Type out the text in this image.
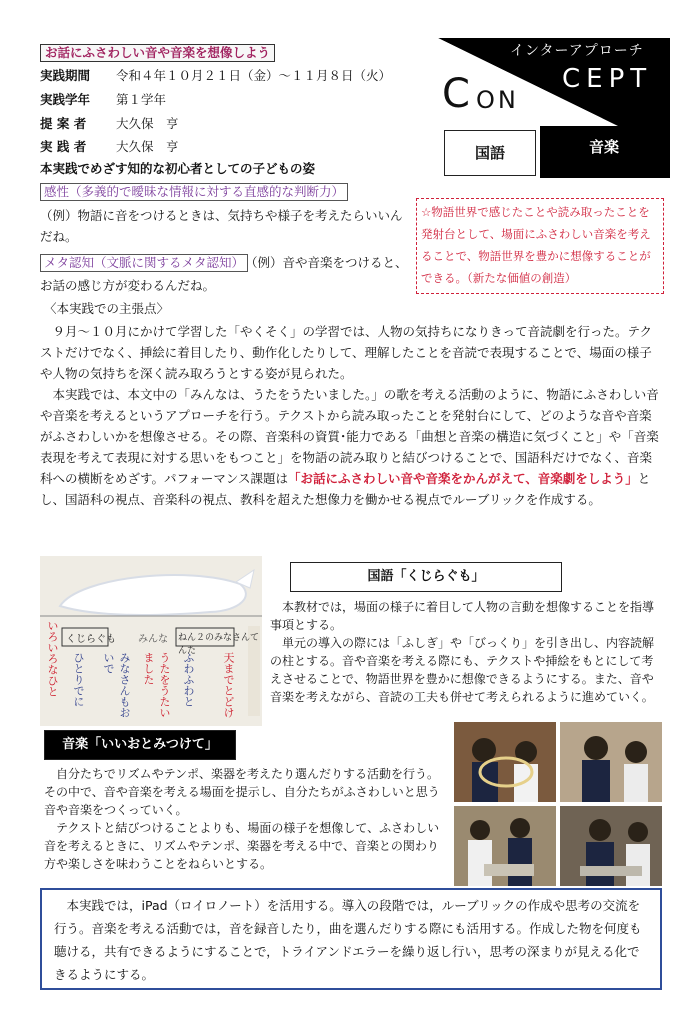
お話にふさわしい音や音楽を想像しよう
実践期間 令和４年１０月２１日（金）〜１１月８日（火）
実践学年 第１学年
提 案 者 大久保　亨
実 践 者 大久保　亨
インターアプローチ
C ON
CEPT
国語	音楽
本実践でめざす知的な初心者としての子どもの姿
感性（多義的で曖昧な情報に対する直感的な判断力）
（例）物語に音をつけるときは、気持ちや様子を考えたらいいんだね。
メタ認知（文脈に関するメタ認知） （例）音や音楽をつけると、
お話の感じ方が変わるんだね。
☆物語世界で感じたことや読み取ったことを発射台として、場面にふさわしい音楽を考えることで、物語世界を豊かに想像することができる。（新たな価値の創造）
〈本実践での主張点〉

９月〜１０月にかけて学習した「やくそく」の学習では、人物の気持ちになりきって音読劇を行った。テクストだけでなく、挿絵に着目したり、動作化したりして、理解したことを音読で表現することで、場面の様子や人物の気持ちを深く読み取ろうとする姿が見られた。

本実践では、本文中の「みんなは、うたをうたいました。」の歌を考える活動のように、物語にふさわしい音や音楽を考えるというアプローチを行う。テクストから読み取ったことを発射台にして、どのような音や音楽がふさわしいかを想像させる。その際、音楽科の資質･能力である「曲想と音楽の構造に気づくこと」や「音楽表現を考えて表現に対する思いをもつこと」を物語の読み取りと結びつけることで、国語科だけでなく、音楽科への横断をめざす。パフォーマンス課題は「お話にふさわしい音や音楽をかんがえて、音楽劇をしよう」とし、国語科の視点、音楽科の視点、教科を超えた想像力を働かせる視点でルーブリックを作成する。

いろいろなひと くじらぐも みんな ねん２のみなさんてんた
ひとりでに	みなさんもおいで	うたをうたいました	ふわふわと 天までとどけ
国語「くじらぐも」

本教材では，場面の様子に着目して人物の言動を想像することを指導事項とする。

単元の導入の際には「ふしぎ」や「びっくり」を引き出し、内容読解の柱とする。音や音楽を考える際にも、テクストや挿絵をもとにして考えさせることで、物語世界を豊かに想像できるようにする。また、音や音楽を考えながら、音読の工夫も併せて考えられるように進めていく。

音楽「いいおとみつけて」

自分たちでリズムやテンポ、楽器を考えたり選んだりする活動を行う。その中で、音や音楽を考える場面を提示し、自分たちがふさわしいと思う音や音楽をつくっていく。

テクストと結びつけることよりも、場面の様子を想像して、ふさわしい音を考えるときに、リズムやテンポ、楽器を考える中で、音楽との関わり方や楽しさを味わうことをねらいとする。

本実践では，iPad（ロイロノート）を活用する。導入の段階では，ルーブリックの作成や思考の交流を行う。音楽を考える活動では，音を録音したり，曲を選んだりする際にも活用する。作成した物を何度も聴ける，共有できるようにすることで，トライアンドエラーを繰り返し行い，思考の深まりが見える化できるようにする。
